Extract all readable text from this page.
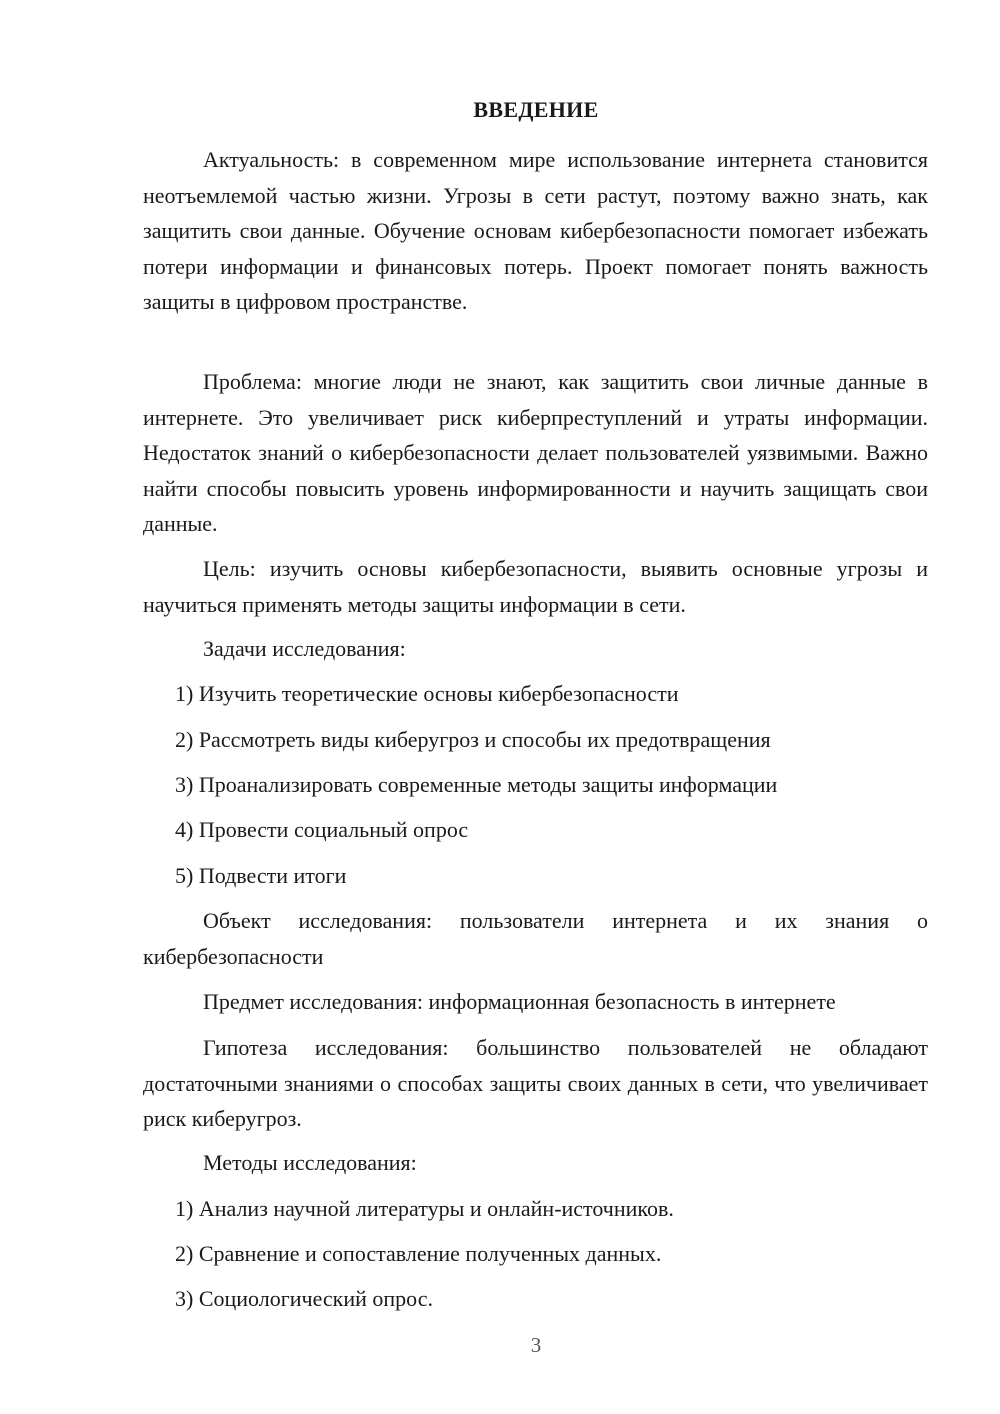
ВВЕДЕНИЕ

Актуальность: в современном мире использование интернета становится неотъемлемой частью жизни. Угрозы в сети растут, поэтому важно знать, как защитить свои данные. Обучение основам кибербезопасности помогает избежать потери информации и финансовых потерь. Проект помогает понять важность защиты в цифровом пространстве.

Проблема: многие люди не знают, как защитить свои личные данные в интернете. Это увеличивает риск киберпреступлений и утраты информации. Недостаток знаний о кибербезопасности делает пользователей уязвимыми. Важно найти способы повысить уровень информированности и научить защищать свои данные.

Цель: изучить основы кибербезопасности, выявить основные угрозы и научиться применять методы защиты информации в сети.

Задачи исследования:

1) Изучить теоретические основы кибербезопасности
2) Рассмотреть виды киберугроз и способы их предотвращения
3) Проанализировать современные методы защиты информации
4) Провести социальный опрос
5) Подвести итоги

Объект исследования: пользователи интернета и их знания о кибербезопасности

Предмет исследования: информационная безопасность в интернете

Гипотеза исследования: большинство пользователей не обладают достаточными знаниями о способах защиты своих данных в сети, что увеличивает риск киберугроз.

Методы исследования:

1) Анализ научной литературы и онлайн-источников.
2) Сравнение и сопоставление полученных данных.
3) Социологический опрос.
3
